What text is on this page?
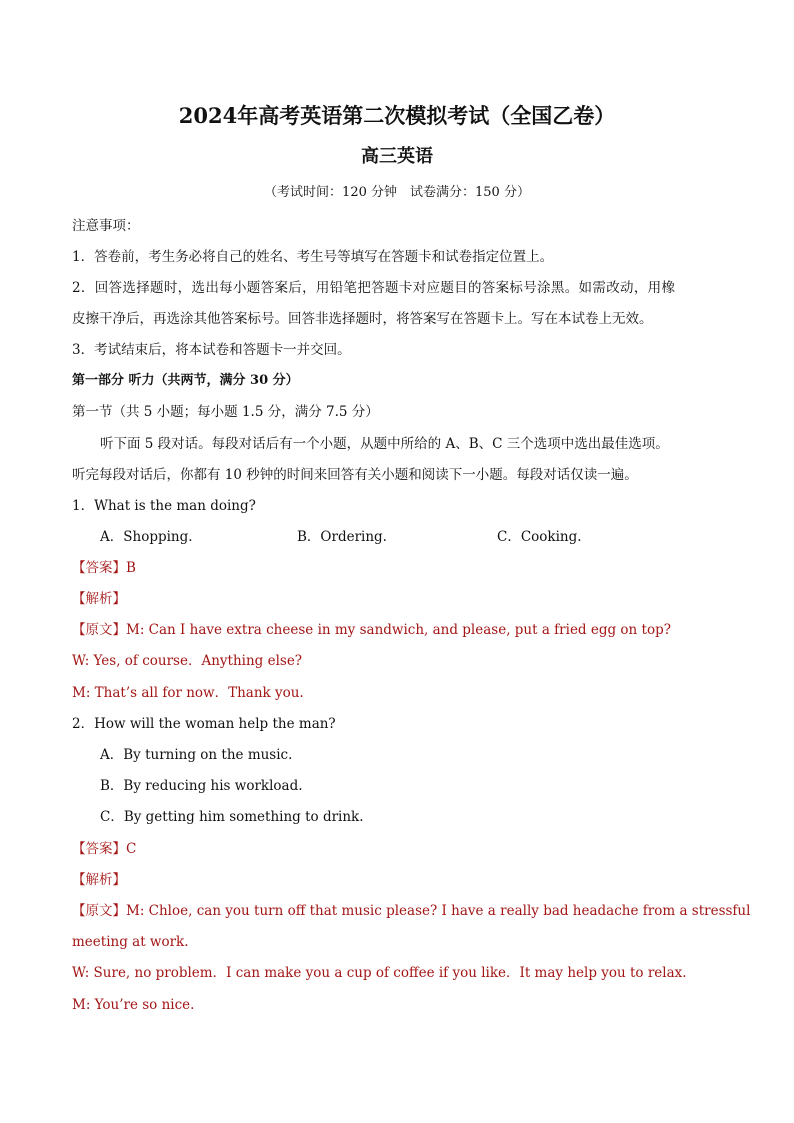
2024年高考英语第二次模拟考试（全国乙卷）
高三英语
（考试时间：120 分钟　试卷满分：150 分）
注意事项：
1．答卷前，考生务必将自己的姓名、考生号等填写在答题卡和试卷指定位置上。
2．回答选择题时，选出每小题答案后，用铅笔把答题卡对应题目的答案标号涂黑。如需改动，用橡
皮擦干净后，再选涂其他答案标号。回答非选择题时，将答案写在答题卡上。写在本试卷上无效。
3．考试结束后，将本试卷和答题卡一并交回。
第一部分 听力（共两节，满分 30 分）
第一节（共 5 小题；每小题 1.5 分，满分 7.5 分）
听下面 5 段对话。每段对话后有一个小题，从题中所给的 A、B、C 三个选项中选出最佳选项。
听完每段对话后，你都有 10 秒钟的时间来回答有关小题和阅读下一小题。每段对话仅读一遍。
1．What is the man doing?
A．Shopping.	B．Ordering.	C．Cooking.
【答案】B
【解析】
【原文】M: Can I have extra cheese in my sandwich, and please, put a fried egg on top?
W: Yes, of course．Anything else?
M: That’s all for now．Thank you.
2．How will the woman help the man?
A．By turning on the music.
B．By reducing his workload.
C．By getting him something to drink.
【答案】C
【解析】
【原文】M: Chloe, can you turn off that music please? I have a really bad headache from a stressful
meeting at work.
W: Sure, no problem．I can make you a cup of coffee if you like．It may help you to relax.
M: You’re so nice.
